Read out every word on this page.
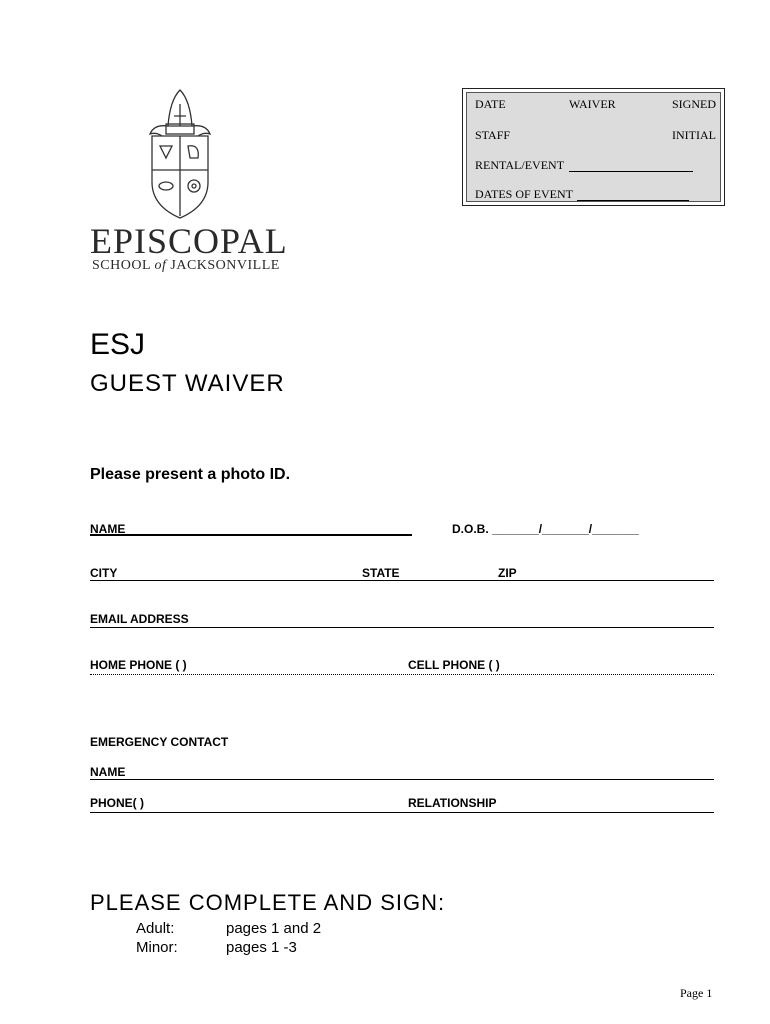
EPISCOPAL
SCHOOL of JACKSONVILLE
DATE	WAIVER	SIGNED
STAFF	INITIAL
RENTAL/EVENT
DATES OF EVENT
ESJ
GUEST WAIVER
Please present a photo ID.
NAME	D.O.B. _______/_______/_______
CITY	STATE	ZIP
EMAIL ADDRESS
HOME PHONE ( )	CELL PHONE ( )
EMERGENCY CONTACT
NAME
PHONE( )	RELATIONSHIP
PLEASE COMPLETE AND SIGN:
Adult:	pages 1 and 2
Minor:	pages 1 -3
Page 1
